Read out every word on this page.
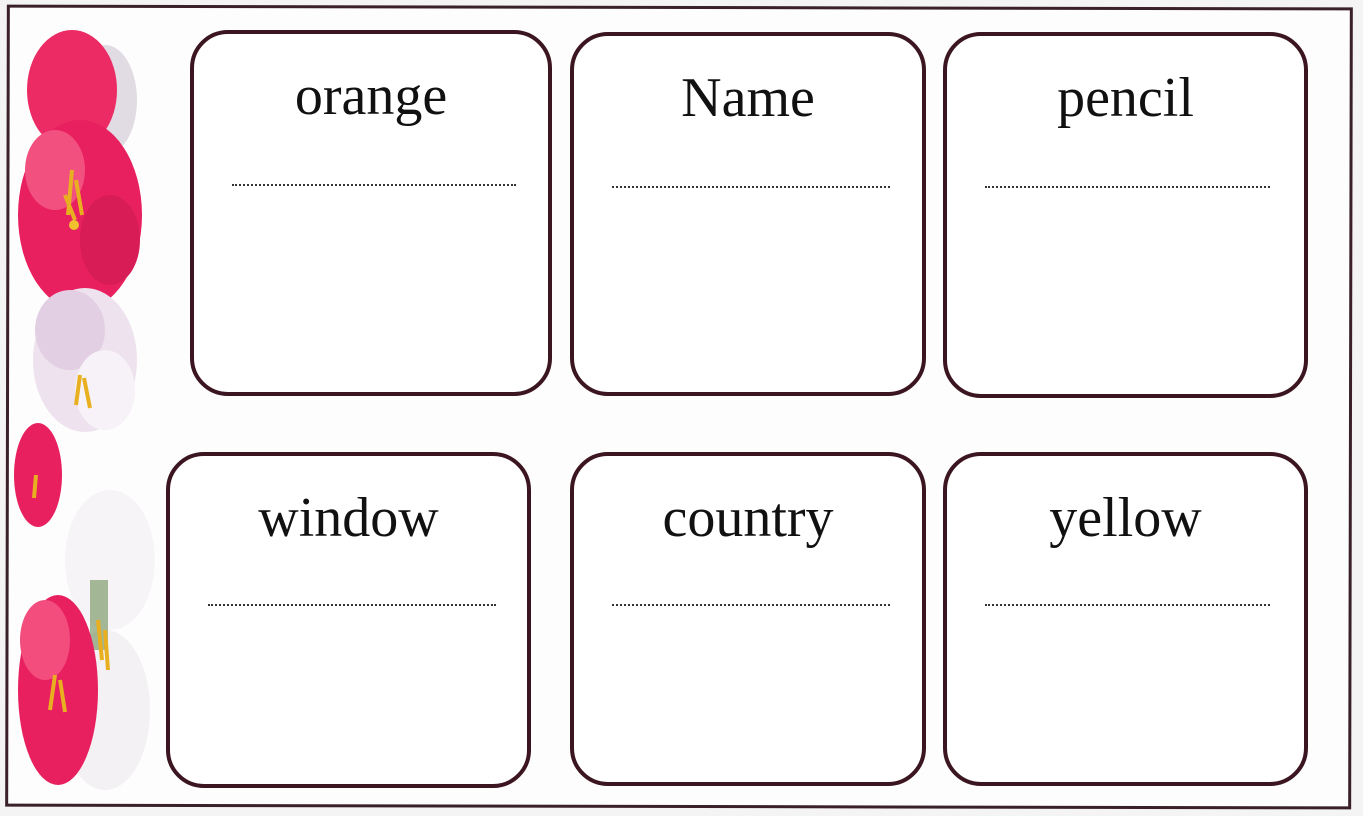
orange	Name	pencil
window	country	yellow
